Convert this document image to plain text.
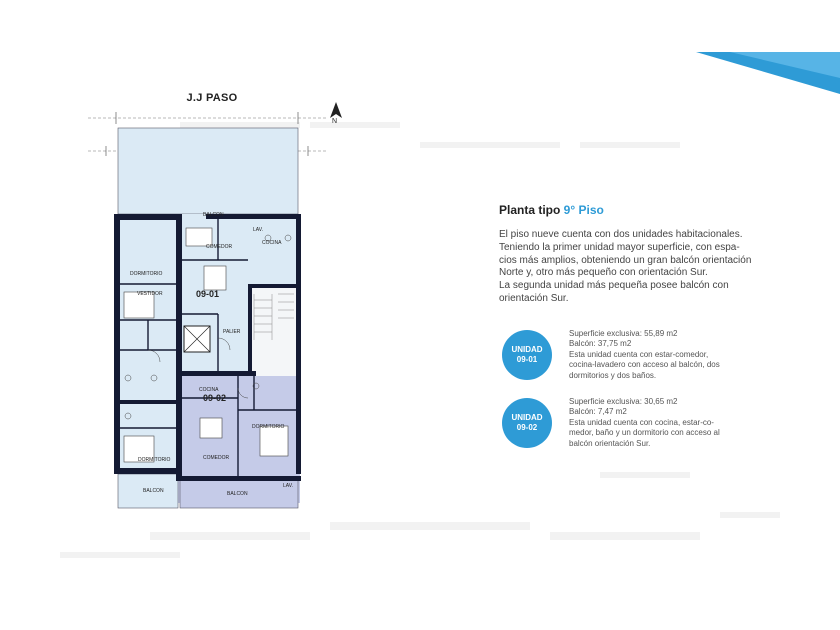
J.J PASO
N
BALCON
LAV.
COMEDOR
COCINA
DORMITORIO
VESTIDOR	09-01
PALIER
COCINA
09-02
DORMITORIO
DORMITORIO	COMEDOR
BALCON	BALCON
LAV.
Planta tipo 9° Piso

El piso nueve cuenta con dos unidades habitacionales.

Teniendo la primer unidad mayor superficie, con espa-

cios más amplios, obteniendo un gran balcón orientación

Norte y, otro más pequeño con orientación Sur.

La segunda unidad más pequeña posee balcón con

orientación Sur.

UNIDAD
09-01
Superficie exclusiva: 55,89 m2
Balcón: 37,75 m2
Esta unidad cuenta con estar-comedor,
cocina-lavadero con acceso al balcón, dos
dormitorios y dos baños.
UNIDAD
09-02
Superficie exclusiva: 30,65 m2
Balcón: 7,47 m2
Esta unidad cuenta con cocina, estar-co-
medor, baño y un dormitorio con acceso al
balcón orientación Sur.
